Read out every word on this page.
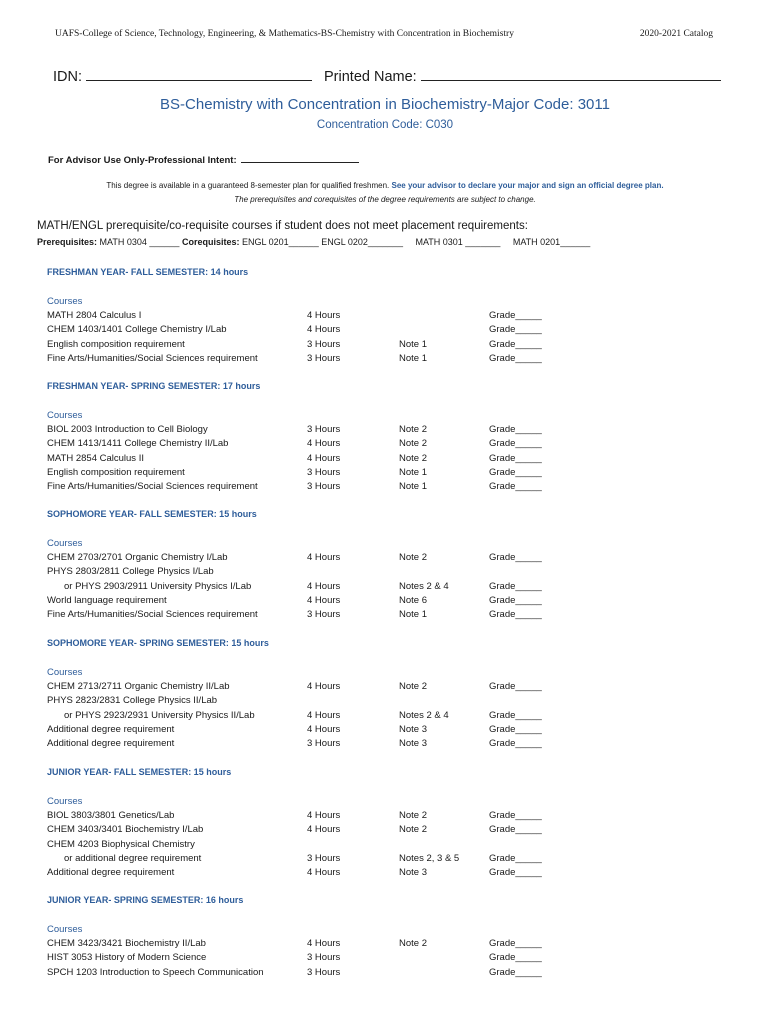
UAFS-College of Science, Technology, Engineering, & Mathematics-BS-Chemistry with Concentration in Biochemistry	2020-2021 Catalog
IDN:	Printed Name:
BS-Chemistry with Concentration in Biochemistry-Major Code: 3011
Concentration Code: C030
For Advisor Use Only-Professional Intent:
This degree is available in a guaranteed 8-semester plan for qualified freshmen. See your advisor to declare your major and sign an official degree plan.
The prerequisites and corequisites of the degree requirements are subject to change.
MATH/ENGL prerequisite/co-requisite courses if student does not meet placement requirements:
Prerequisites: MATH 0304 ______ Corequisites: ENGL 0201______ ENGL 0202_______     MATH 0301 _______     MATH 0201______
FRESHMAN YEAR- FALL SEMESTER: 14 hours
Courses
MATH 2804 Calculus I	4 Hours	Grade_____
CHEM 1403/1401 College Chemistry I/Lab	4 Hours	Grade_____
English composition requirement	3 Hours	Note 1	Grade_____
Fine Arts/Humanities/Social Sciences requirement	3 Hours	Note 1	Grade_____
FRESHMAN YEAR- SPRING SEMESTER: 17 hours
Courses
BIOL 2003 Introduction to Cell Biology	3 Hours	Note 2	Grade_____
CHEM 1413/1411 College Chemistry II/Lab	4 Hours	Note 2	Grade_____
MATH 2854 Calculus II	4 Hours	Note 2	Grade_____
English composition requirement	3 Hours	Note 1	Grade_____
Fine Arts/Humanities/Social Sciences requirement	3 Hours	Note 1	Grade_____
SOPHOMORE YEAR- FALL SEMESTER: 15 hours
Courses
CHEM 2703/2701 Organic Chemistry I/Lab	4 Hours	Note 2	Grade_____
PHYS 2803/2811 College Physics I/Lab
or PHYS 2903/2911 University Physics I/Lab	4 Hours	Notes 2 & 4	Grade_____
World language requirement	4 Hours	Note 6	Grade_____
Fine Arts/Humanities/Social Sciences requirement	3 Hours	Note 1	Grade_____
SOPHOMORE YEAR- SPRING SEMESTER: 15 hours
Courses
CHEM 2713/2711 Organic Chemistry II/Lab	4 Hours	Note 2	Grade_____
PHYS 2823/2831 College Physics II/Lab
or PHYS 2923/2931 University Physics II/Lab	4 Hours	Notes 2 & 4	Grade_____
Additional degree requirement	4 Hours	Note 3	Grade_____
Additional degree requirement	3 Hours	Note 3	Grade_____
JUNIOR YEAR- FALL SEMESTER: 15 hours
Courses
BIOL 3803/3801 Genetics/Lab	4 Hours	Note 2	Grade_____
CHEM 3403/3401 Biochemistry I/Lab	4 Hours	Note 2	Grade_____
CHEM 4203 Biophysical Chemistry
or additional degree requirement	3 Hours	Notes 2, 3 & 5	Grade_____
Additional degree requirement	4 Hours	Note 3	Grade_____
JUNIOR YEAR- SPRING SEMESTER: 16 hours
Courses
CHEM 3423/3421 Biochemistry II/Lab	4 Hours	Note 2	Grade_____
HIST 3053 History of Modern Science	3 Hours	Grade_____
SPCH 1203 Introduction to Speech Communication	3 Hours	Grade_____
